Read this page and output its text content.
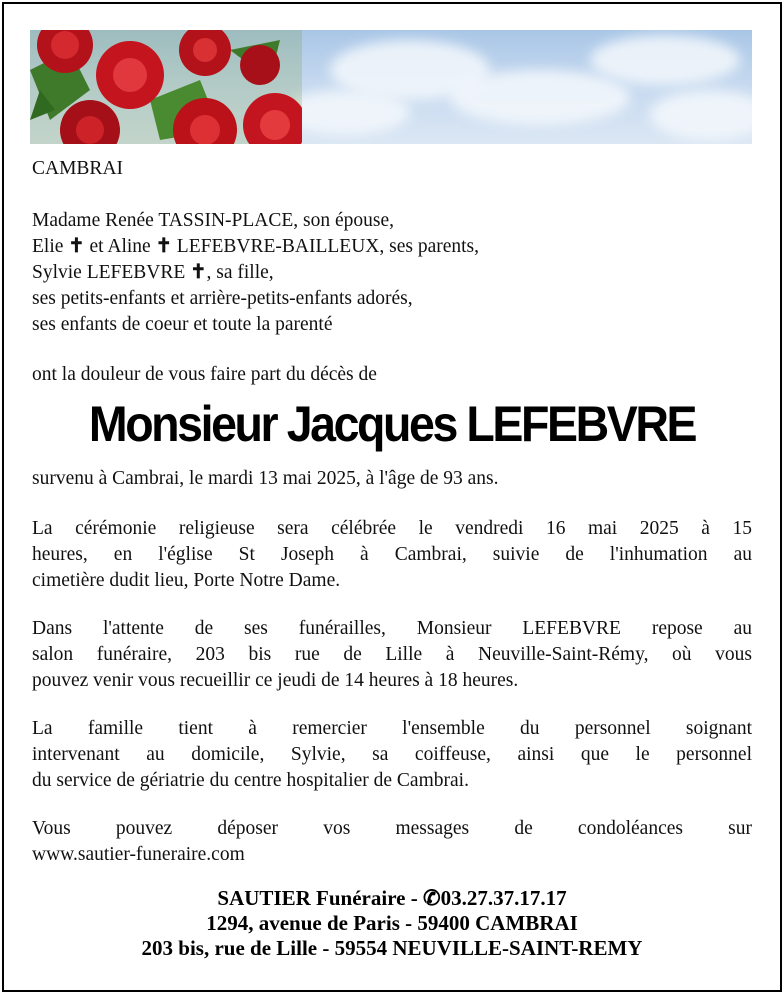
CAMBRAI
Madame Renée TASSIN-PLACE, son épouse,
Elie ✝ et Aline ✝ LEFEBVRE-BAILLEUX, ses parents,
Sylvie LEFEBVRE ✝, sa fille,
ses petits-enfants et arrière-petits-enfants adorés,
ses enfants de coeur et toute la parenté
ont la douleur de vous faire part du décès de
Monsieur Jacques LEFEBVRE
survenu à Cambrai, le mardi 13 mai 2025, à l'âge de 93 ans.
La cérémonie religieuse sera célébrée le vendredi 16 mai 2025 à 15
heures, en l'église St Joseph à Cambrai, suivie de l'inhumation au
cimetière dudit lieu, Porte Notre Dame.
Dans l'attente de ses funérailles, Monsieur LEFEBVRE repose au
salon funéraire, 203 bis rue de Lille à Neuville-Saint-Rémy, où vous
pouvez venir vous recueillir ce jeudi de 14 heures à 18 heures.
La famille tient à remercier l'ensemble du personnel soignant
intervenant au domicile, Sylvie, sa coiffeuse, ainsi que le personnel
du service de gériatrie du centre hospitalier de Cambrai.
Vous pouvez déposer vos messages de condoléances sur
www.sautier-funeraire.com
SAUTIER Funéraire - ✆03.27.37.17.17
1294, avenue de Paris - 59400 CAMBRAI
203 bis, rue de Lille - 59554 NEUVILLE-SAINT-REMY
